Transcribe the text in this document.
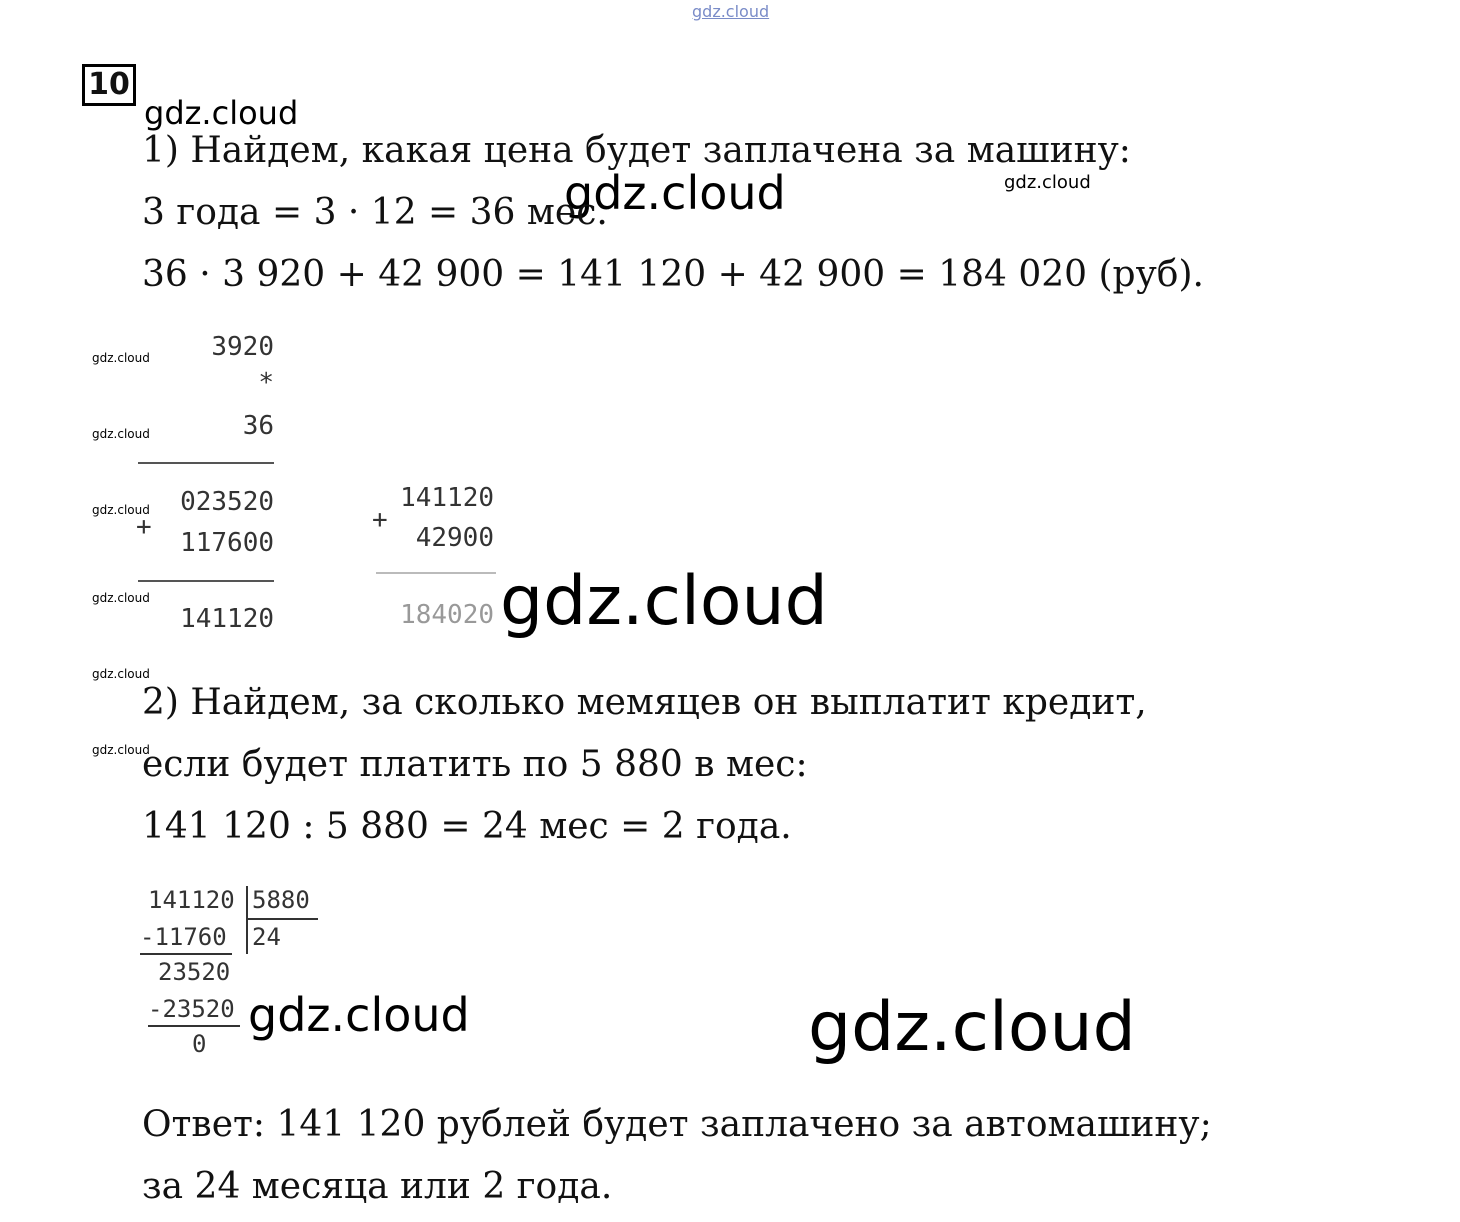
gdz.cloud
gdz.cloud
gdz.cloud	gdz.cloud
gdz.cloud
gdz.cloud
gdz.cloud
gdz.cloud
gdz.cloud
gdz.cloud
gdz.cloud
gdz.cloud	gdz.cloud
10
1) Найдем, какая цена будет заплачена за машину:
3 года = 3 · 12 = 36 мес.
36 · 3 920 + 42 900 = 141 120 + 42 900 = 184 020 (руб).
3920
*
36
+
023520
117600
141120
141120
+
42900
184020
2) Найдем, за сколько мемяцев он выплатит кредит,
если будет платить по 5 880 в мес:
141 120 : 5 880 = 24 мес = 2 года.
141120 5880
-11760 24
23520
-23520
0
Ответ: 141 120 рублей будет заплачено за автомашину;
за 24 месяца или 2 года.
